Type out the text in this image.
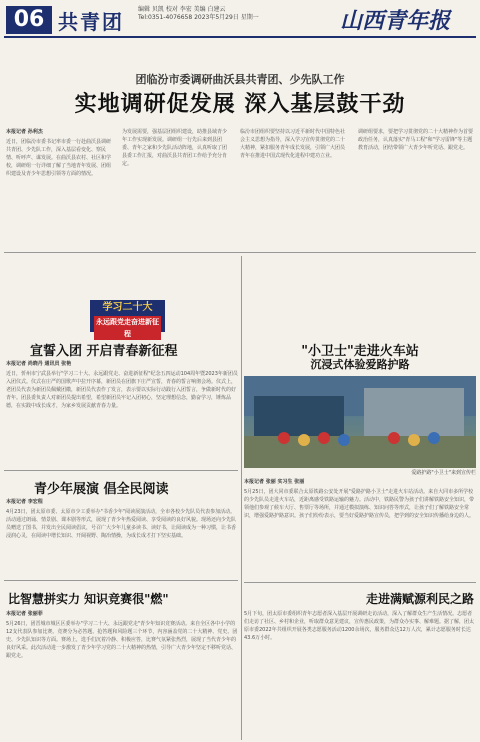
06 共青团
编辑 贝凯 校对 李宏 美编 白建云
Tel:0351-4076658 2023年5月29日 星期一	山西青年报
团临汾市委调研曲沃县共青团、少先队工作
实地调研促发展 深入基层鼓干劲
本报记者 孙利杰
近日，团临汾市委书记率市委一行赴曲沃县调研共青团、少先队工作，深入基层看变化、察民情、听呼声、谋发展。在曲沃县农村、社区和学校，调研组一行详细了解了当地青年发展、团组织建设及青少年思想引领等方面的情况。
为发展需要，强基层团组织建设，助推县域青少年工作实现新发展。调研组一行先后来到县团委、青年之家和少先队活动阵地，认真听取了团县委工作汇报，对曲沃县共青团工作给予充分肯定。
临汾市团组织要坚持以习近平新时代中国特色社会主义思想为指导，深入学习宣传贯彻党的二十大精神，紧扣服务青年成长发展，引领广大团员青年在推进中国式现代化进程中建功立业。
调研组要求，要把学习贯彻党的二十大精神作为首要政治任务，认真落实"青马工程"和"学习雷锋"等主题教育活动，团结带领广大青少年听党话、跟党走。
学习二十大
永远跟党走奋进新征程
宣誓入团 开启青春新征程
本报记者 尚晓丹 通讯员 张艳
近日，忻州市宁武县举行"学习二十大、永远跟党走、奋进新征程"纪念五四运动104周年暨2023年新团员入团仪式。仪式在庄严的国歌声中拉开序幕，新团员在团旗下庄严宣誓，青春的誓言响彻会场。仪式上，老团员代表为新团员佩戴团徽，新团员代表作了发言，表示要以实际行动践行入团誓言，争做新时代的好青年。团县委负责人对新团员提出希望，希望新团员牢记入团初心，坚定理想信念，勤奋学习，锤炼品德，在实践中成长成才，为家乡发展贡献青春力量。
青少年展演 倡全民阅读
本报记者 李宏程
4月23日，团太原市委、太原市少工委举办"书香少年"阅读展演活动，全市各校少先队员代表参加活动。活动通过朗诵、情景剧、课本剧等形式，展现了青少年热爱阅读、享受阅读的良好风貌。现场还向少先队员赠送了图书，并发出全民阅读倡议，号召广大少年儿童多读书、读好书，让阅读成为一种习惯，让书香浸润心灵，在阅读中增长知识、开阔视野、陶冶情操，为成长成才打下坚实基础。
比智慧拼实力 知识竞赛很"燃"
本报记者 张丽菲
5月26日，团晋城市城区区委举办"学习二十大、永远跟党走"青少年知识竞赛活动。来自全区各中小学的12支代表队参加比赛。竞赛分为必答题、抢答题和风险题三个环节，内容涵盖党的二十大精神、党史、团史、少先队知识等方面。赛场上，选手们沉着冷静、积极应答，比赛气氛紧张热烈，展现了当代青少年的良好风采。此次活动进一步激发了青少年学习党的二十大精神的热情，引导广大青少年坚定不移听党话、跟党走。
"小卫士"走进火车站
沉浸式体验爱路护路
爱路护路"小卫士"来到宣传栏
本报记者 张丽 实习生 张丽
5月25日，团大同市委联合太原铁路公安处开展"爱路护路小卫士"走进火车站活动。来自大同市多所学校的少先队员走进火车站，近距离感受铁路运输的魅力。活动中，铁路民警为孩子们讲解铁路安全知识，带领他们参观了候车大厅、售票厅等场所，并通过模拟演练、知识问答等形式，让孩子们了解铁路安全常识，增强爱路护路意识。孩子们纷纷表示，要当好爱路护路宣传员，把学到的安全知识传播给身边的人。
走进满赋源利民之路
5月下旬，团太原市委组织青年志愿者深入基层开展调研走访活动，深入了解群众生产生活情况。志愿者们走访了社区、乡村和企业，听取群众意见建议，宣传惠民政策，为群众办实事、解难题。据了解，团太原市委2022年共组织开展各类志愿服务活动1200余场次，服务群众达12万人次，累计志愿服务时长达43.6万小时。
